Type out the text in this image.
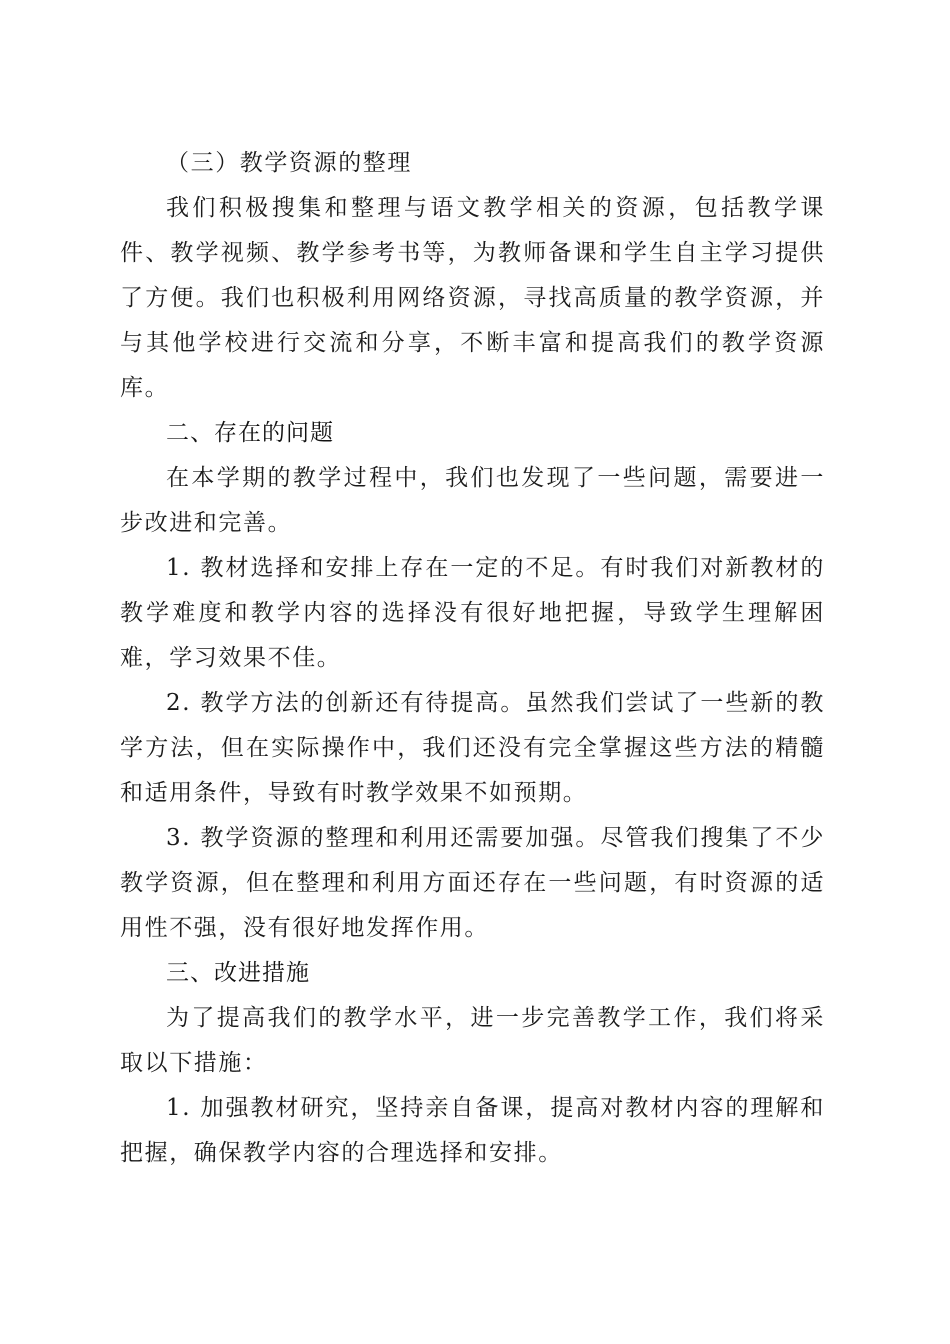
（三）教学资源的整理

我们积极搜集和整理与语文教学相关的资源，包括教学课件、教学视频、教学参考书等，为教师备课和学生自主学习提供了方便。我们也积极利用网络资源，寻找高质量的教学资源，并与其他学校进行交流和分享，不断丰富和提高我们的教学资源库。

二、存在的问题

在本学期的教学过程中，我们也发现了一些问题，需要进一步改进和完善。

1. 教材选择和安排上存在一定的不足。有时我们对新教材的教学难度和教学内容的选择没有很好地把握，导致学生理解困难，学习效果不佳。

2. 教学方法的创新还有待提高。虽然我们尝试了一些新的教学方法，但在实际操作中，我们还没有完全掌握这些方法的精髓和适用条件，导致有时教学效果不如预期。

3. 教学资源的整理和利用还需要加强。尽管我们搜集了不少教学资源，但在整理和利用方面还存在一些问题，有时资源的适用性不强，没有很好地发挥作用。

三、改进措施

为了提高我们的教学水平，进一步完善教学工作，我们将采取以下措施：

1. 加强教材研究，坚持亲自备课，提高对教材内容的理解和把握，确保教学内容的合理选择和安排。
